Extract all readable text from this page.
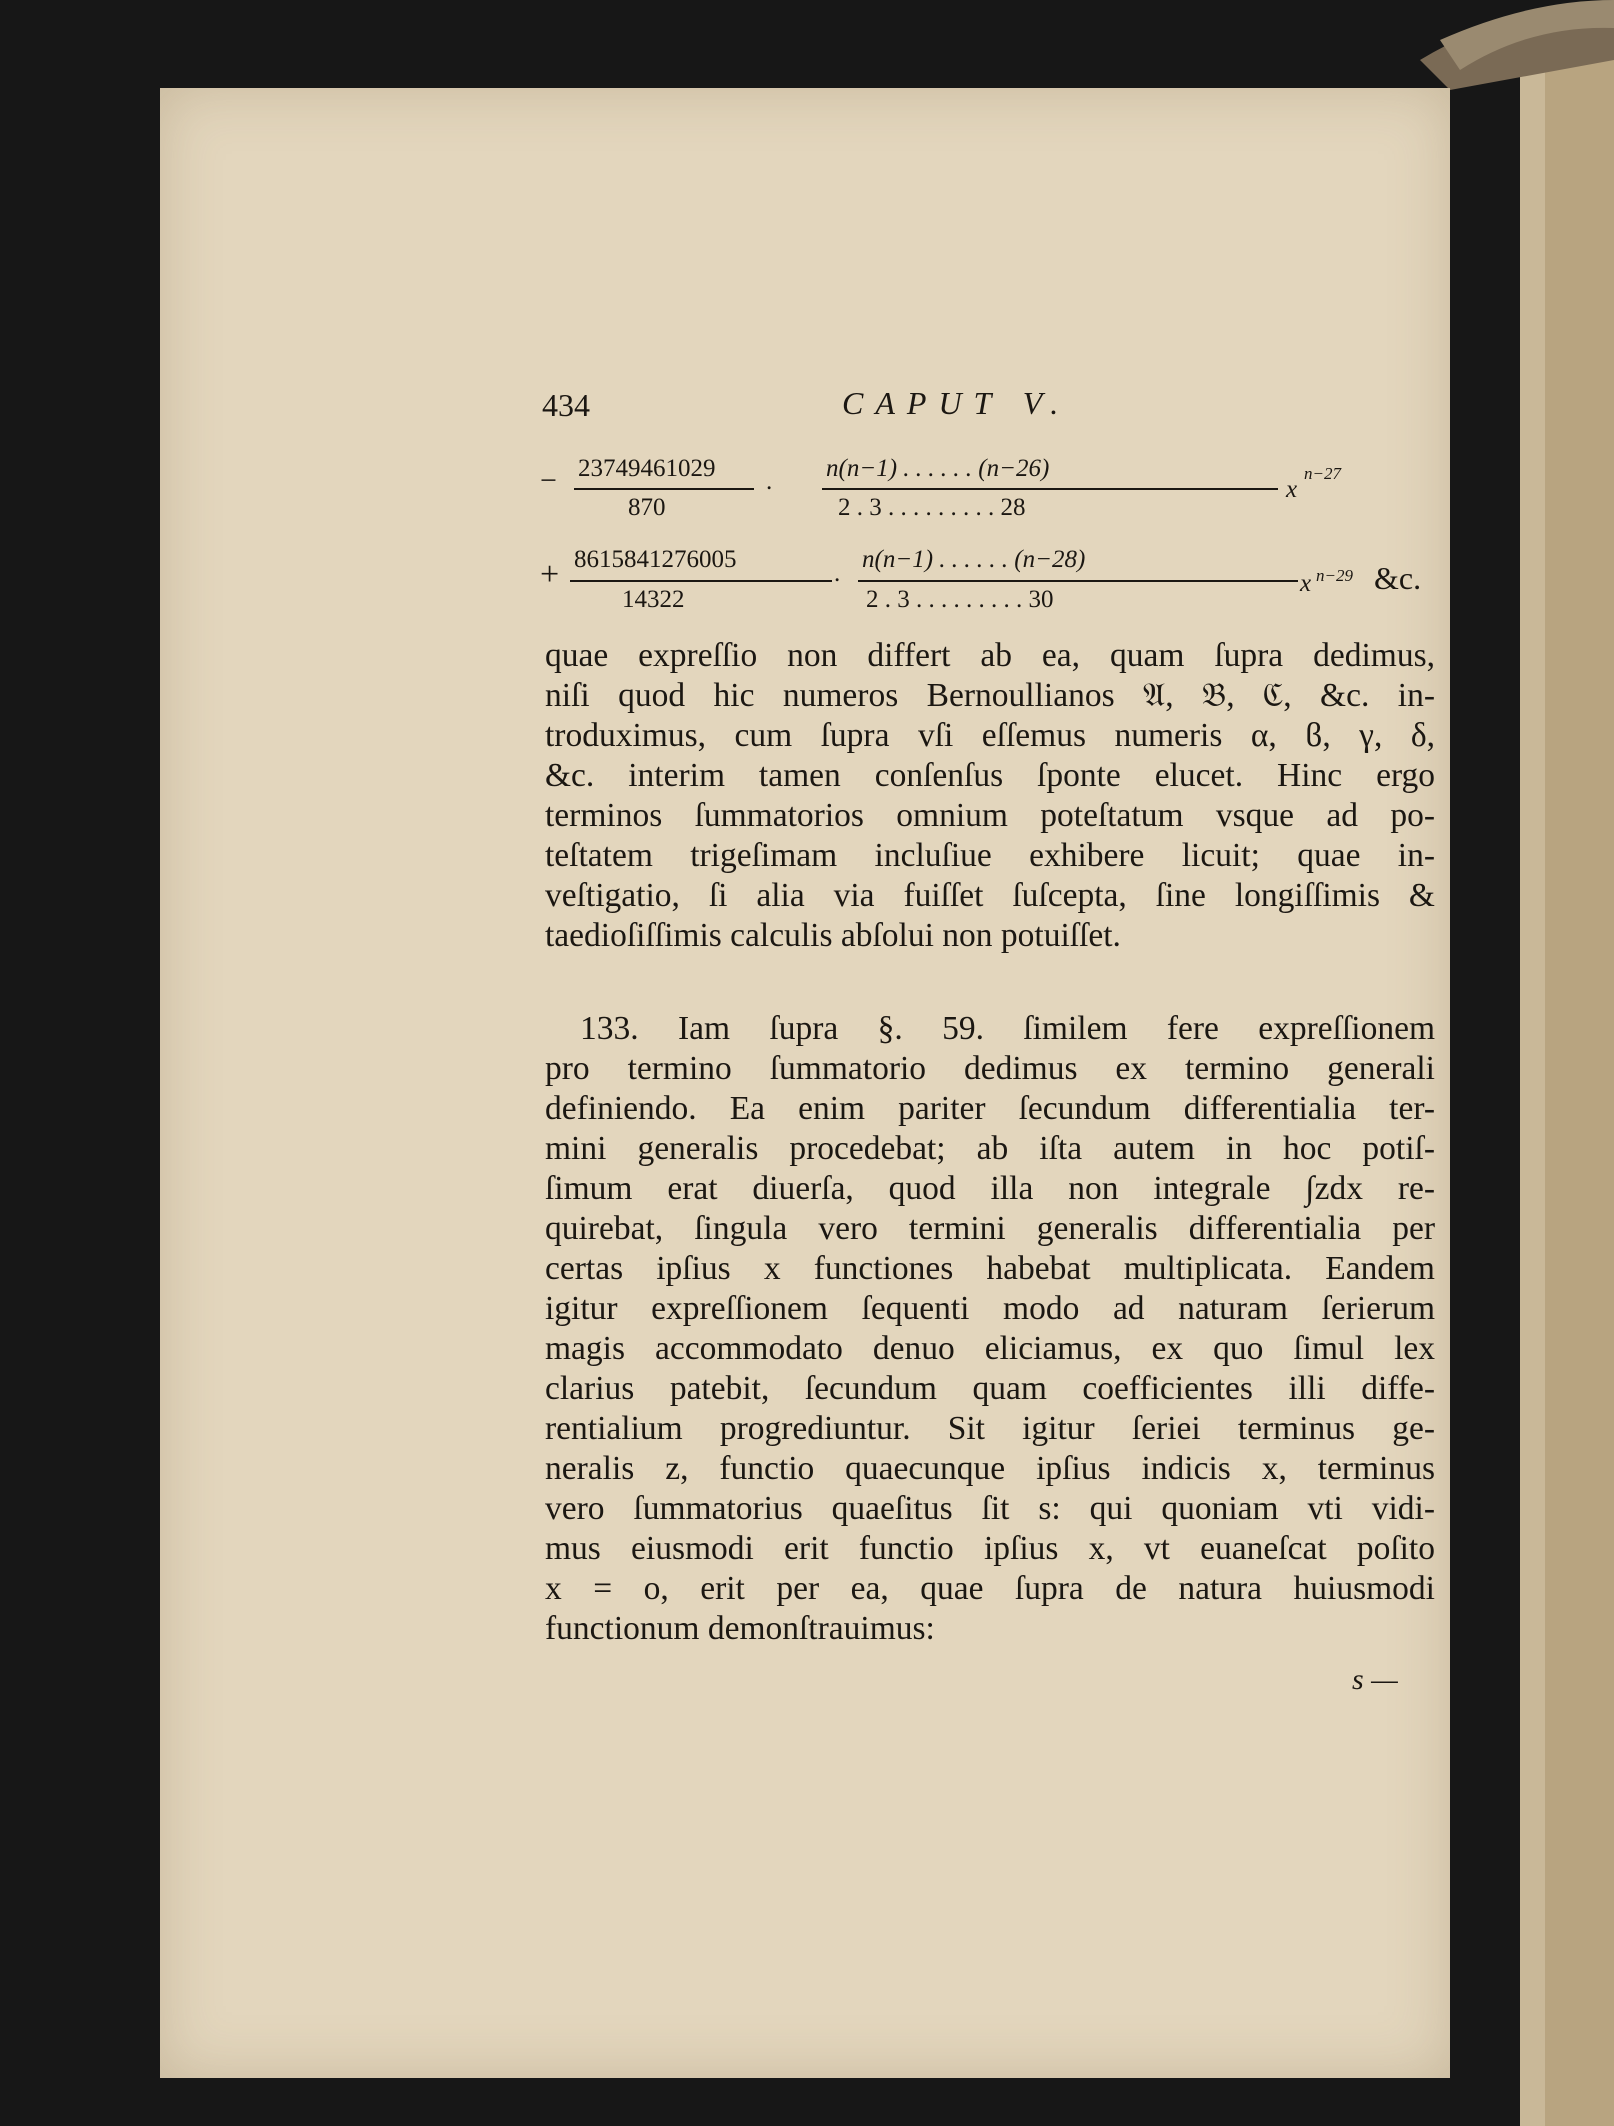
434	CAPUT V.
− 23749461029
870
. n(n−1) . . . . . . (n−26)
2 . 3 . . . . . . . . . 28
x
n−27
+ 8615841276005
14322
.
n(n−1) . . . . . . (n−28)
2 . 3 . . . . . . . . . 30
x n−29 &c.
quae expreſſio non differt ab ea, quam ſupra dedimus,
niſi quod hic numeros Bernoullianos 𝔄, 𝔅, ℭ, &c. in-
troduximus, cum ſupra vſi eſſemus numeris α, ϐ, γ, δ,
&c. interim tamen conſenſus ſponte elucet. Hinc ergo
terminos ſummatorios omnium poteſtatum vsque ad po-
teſtatem trigeſimam incluſiue exhibere licuit; quae in-
veſtigatio, ſi alia via fuiſſet ſuſcepta, ſine longiſſimis &
taedioſiſſimis calculis abſolui non potuiſſet.
133. Iam ſupra §. 59. ſimilem fere expreſſionem
pro termino ſummatorio dedimus ex termino generali
definiendo. Ea enim pariter ſecundum differentialia ter-
mini generalis procedebat; ab iſta autem in hoc potiſ-
ſimum erat diuerſa, quod illa non integrale ∫zdx re-
quirebat, ſingula vero termini generalis differentialia per
certas ipſius x functiones habebat multiplicata. Eandem
igitur expreſſionem ſequenti modo ad naturam ſerierum
magis accommodato denuo eliciamus, ex quo ſimul lex
clarius patebit, ſecundum quam coefficientes illi diffe-
rentialium progrediuntur. Sit igitur ſeriei terminus ge-
neralis z, functio quaecunque ipſius indicis x, terminus
vero ſummatorius quaeſitus ſit s: qui quoniam vti vidi-
mus eiusmodi erit functio ipſius x, vt euaneſcat poſito
x = o, erit per ea, quae ſupra de natura huiusmodi
functionum demonſtrauimus:
s —
